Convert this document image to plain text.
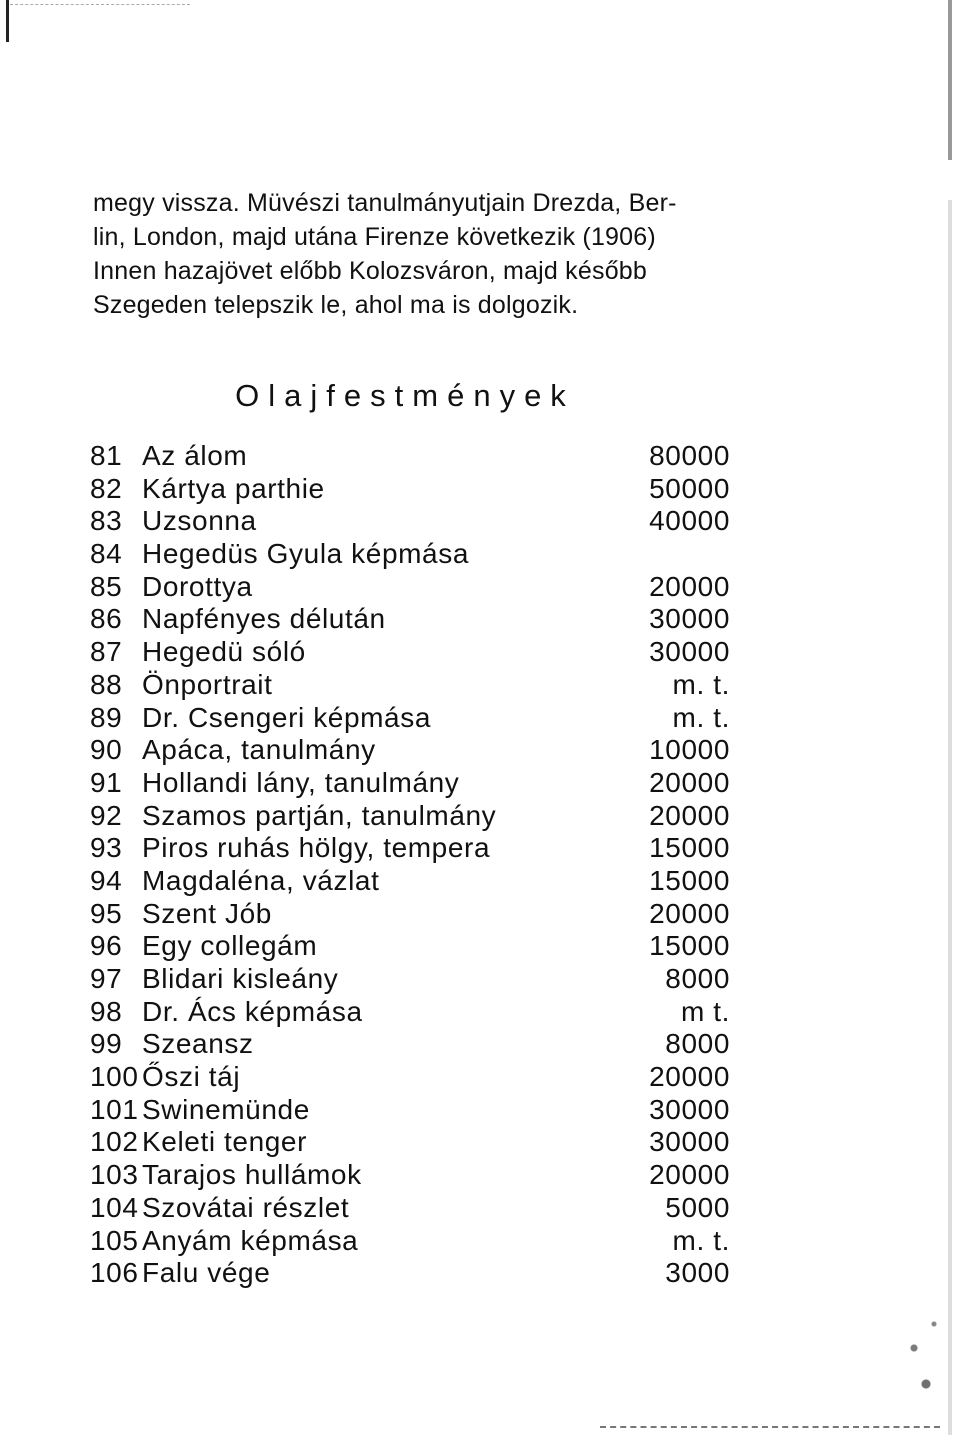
megy vissza. Müvészi tanulmányutjain Drezda, Ber-
lin, London, majd utána Firenze következik (1906)
Innen hazajövet előbb Kolozsváron, majd később
Szegeden telepszik le, ahol ma is dolgozik.
Olajfestmények
81 Az álom	80000
82 Kártya parthie	50000
83 Uzsonna	40000
84 Hegedüs Gyula képmása
85 Dorottya	20000
86 Napfényes délután	30000
87 Hegedü sóló	30000
88 Önportrait	m. t.
89 Dr. Csengeri képmása	m. t.
90 Apáca, tanulmány	10000
91 Hollandi lány, tanulmány	20000
92 Szamos partján, tanulmány	20000
93 Piros ruhás hölgy, tempera	15000
94 Magdaléna, vázlat	15000
95 Szent Jób	20000
96 Egy collegám	15000
97 Blidari kisleány	8000
98 Dr. Ács képmása	m t.
99 Szeansz	8000
100 Őszi táj	20000
101 Swinemünde	30000
102 Keleti tenger	30000
103 Tarajos hullámok	20000
104 Szovátai részlet	5000
105 Anyám képmása	m. t.
106 Falu vége	3000
